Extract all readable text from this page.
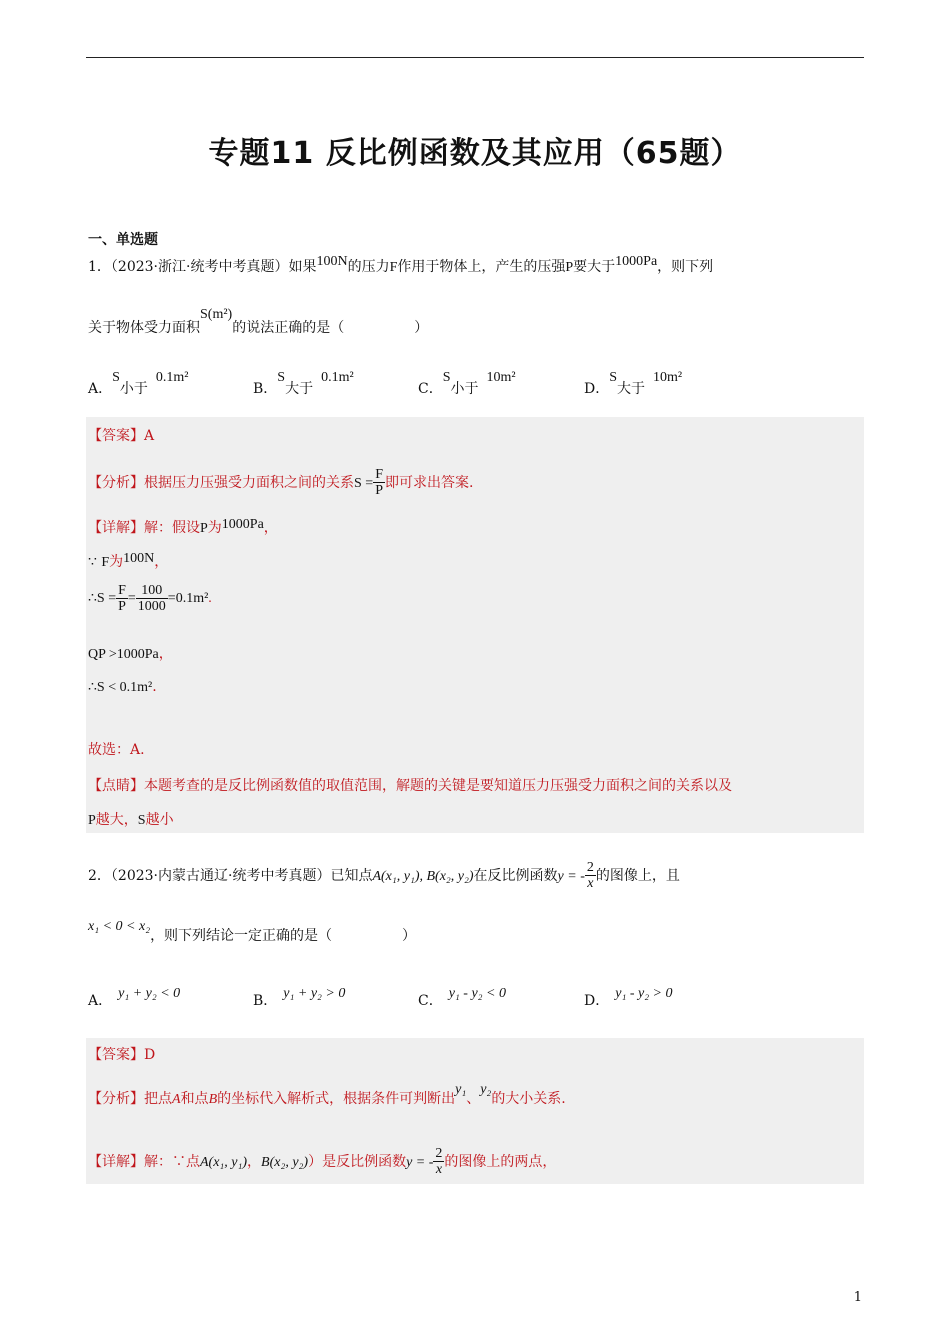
专题11 反比例函数及其应用（65题）
一、单选题
1．（2023·浙江·统考中考真题）如果100N的压力F作用于物体上，产生的压强P要大于1000Pa，则下列
关于物体受力面积S(m²)的说法正确的是（　　　　　）
A．S小于0.1m²
B．S大于0.1m²
C．S小于10m²
D．S大于10m²
【答案】A
【分析】根据压力压强受力面积之间的关系$S = \frac{F}{P}$ 即可求出答案.
【详解】解：假设P为1000Pa，
∵ F为100N，
∴S = $\frac{F}{P} = \frac{100}{1000} =0.1m^2$.
QP >1000Pa，
∴S < 0.1m².
故选：A.
【点睛】本题考查的是反比例函数值的取值范围，解题的关键是要知道压力压强受力面积之间的关系以及
P越大，S越小
2．（2023·内蒙古通辽·统考中考真题）已知点A(x₁, y₁), B(x₂, y₂)在反比例函数y = - $\frac{2}{x}$ 的图像上，且
x₁ < 0 < x₂，则下列结论一定正确的是（　　　　　）
A． y₁ + y₂ < 0	B． y₁ + y₂ > 0	C． y₁ - y₂ < 0	D． y₁ - y₂ > 0
【答案】D
【分析】把点A和点B的坐标代入解析式，根据条件可判断出y₁、y₂的大小关系.
【详解】解：∵点A(x₁, y₁)，B(x₂, y₂)）是反比例函数y = - $\frac{2}{x}$ 的图像上的两点，
1
